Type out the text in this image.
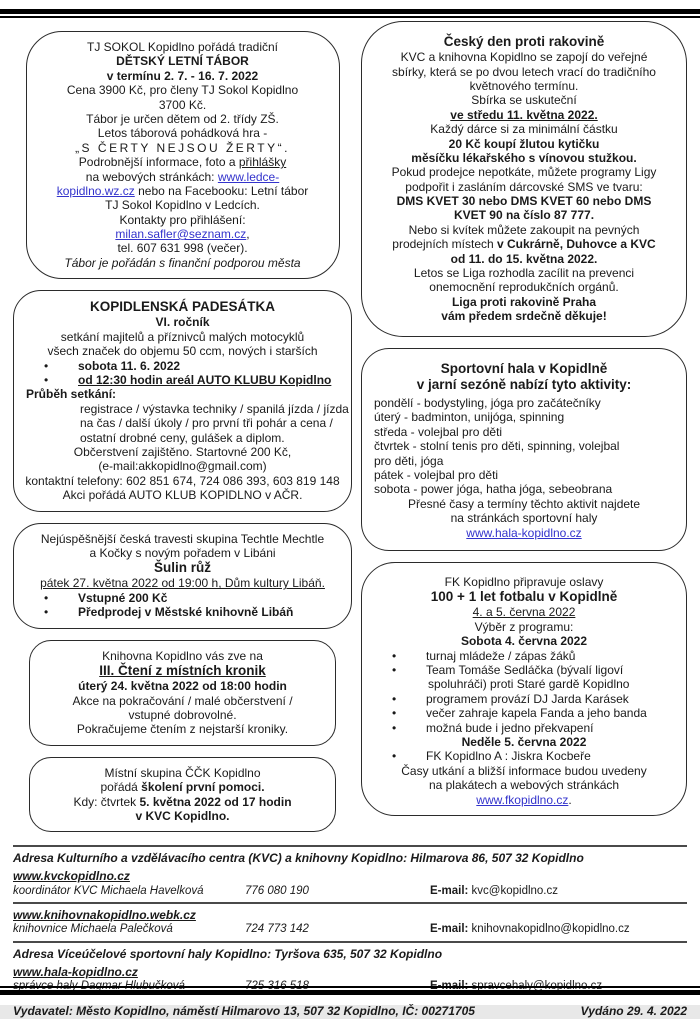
TJ SOKOL Kopidlno pořádá tradiční
DĚTSKÝ LETNÍ TÁBOR
v termínu 2. 7. - 16. 7. 2022
Cena 3900 Kč, pro členy TJ Sokol Kopidlno
3700 Kč.
Tábor je určen dětem od 2. třídy ZŠ.
Letos táborová pohádková hra -
„S ČERTY NEJSOU ŽERTY“.
Podrobnější informace, foto a přihlášky
na webových stránkách: www.ledce-
kopidlno.wz.cz nebo na Facebooku: Letní tábor
TJ Sokol Kopidlno v Ledcích.
Kontakty pro přihlášení:
milan.safler@seznam.cz,
tel. 607 631 998 (večer).
Tábor je pořádán s finanční podporou města
KOPIDLENSKÁ PADESÁTKA
VI. ročník
setkání majitelů a příznivců malých motocyklů
všech značek do objemu 50 ccm, nových i starších
•	sobota 11. 6. 2022
•	od 12:30 hodin areál AUTO KLUBU Kopidlno
Průběh setkání:
registrace / výstavka techniky / spanilá jízda / jízda
na čas / další úkoly / pro první tři pohár a cena /
ostatní drobné ceny, gulášek a diplom.
Občerstvení zajištěno. Startovné 200 Kč,
(e-mail:akkopidlno@gmail.com)
kontaktní telefony: 602 851 674, 724 086 393, 603 819 148
Akci pořádá AUTO KLUB KOPIDLNO v AČR.
Nejúspěšnější česká travesti skupina Techtle Mechtle
a Kočky s novým pořadem v Libáni
Šulin růž
pátek 27. května 2022 od 19:00 h, Dům kultury Libáň.
•	Vstupné 200 Kč
•	Předprodej v Městské knihovně Libáň
Knihovna Kopidlno vás zve na
III. Čtení z místních kronik
úterý 24. května 2022 od 18:00 hodin
Akce na pokračování / malé občerstvení /
vstupné dobrovolné.
Pokračujeme čtením z nejstarší kroniky.
Místní skupina ČČK Kopidlno
pořádá školení první pomoci.
Kdy: čtvrtek 5. května 2022 od 17 hodin
v KVC Kopidlno.
Český den proti rakovině
KVC a knihovna Kopidlno se zapojí do veřejné
sbírky, která se po dvou letech vrací do tradičního
květnového termínu.
Sbírka se uskuteční
ve středu 11. května 2022.
Každý dárce si za minimální částku
20 Kč koupí žlutou kytičku
měsíčku lékařského s vínovou stužkou.
Pokud prodejce nepotkáte, můžete programy Ligy
podpořit i zasláním dárcovské SMS ve tvaru:
DMS KVET 30 nebo DMS KVET 60 nebo DMS
KVET 90 na číslo 87 777.
Nebo si kvítek můžete zakoupit na pevných
prodejních místech v Cukrárně, Duhovce a KVC
od 11. do 15. května 2022.
Letos se Liga rozhodla zacílit na prevenci
onemocnění reprodukčních orgánů.
Liga proti rakovině Praha
vám předem srdečně děkuje!
Sportovní hala v Kopidlně
v jarní sezóně nabízí tyto aktivity:
pondělí - bodystyling, jóga pro začátečníky
úterý - badminton, unijóga, spinning
středa - volejbal pro děti
čtvrtek - stolní tenis pro děti, spinning, volejbal
pro děti, jóga
pátek - volejbal pro děti
sobota - power jóga, hatha jóga, sebeobrana
Přesné časy a termíny těchto aktivit najdete
na stránkách sportovní haly
www.hala-kopidlno.cz
FK Kopidlno připravuje oslavy
100 + 1 let fotbalu v Kopidlně
4. a 5. června 2022
Výběr z programu:
Sobota 4. června 2022
•	turnaj mládeže / zápas žáků
•	Team Tomáše Sedláčka (bývalí ligoví
spoluhráči) proti Staré gardě Kopidlno
•	programem provází DJ Jarda Karásek
•	večer zahraje kapela Fanda a jeho banda
•	možná bude i jedno překvapení
Neděle 5. června 2022
•	FK Kopidlno A : Jiskra Kocbeře
Časy utkání a bližší informace budou uvedeny
na plakátech a webových stránkách
www.fkopidlno.cz.
Adresa Kulturního a vzdělávacího centra (KVC) a knihovny Kopidlno: Hilmarova 86, 507 32 Kopidlno
www.kvckopidlno.cz
koordinátor KVC Michaela Havelková	776 080 190	E-mail: kvc@kopidlno.cz
www.knihovnakopidlno.webk.cz
knihovnice Michaela Palečková	724 773 142	E-mail: knihovnakopidlno@kopidlno.cz
Adresa Víceúčelové sportovní haly Kopidlno: Tyršova 635, 507 32 Kopidlno
www.hala-kopidlno.cz
Vydavatel: Město Kopidlno, náměstí Hilmarovo 13, 507 32 Kopidlno, IČ: 00271705	Vydáno 29. 4. 2022
